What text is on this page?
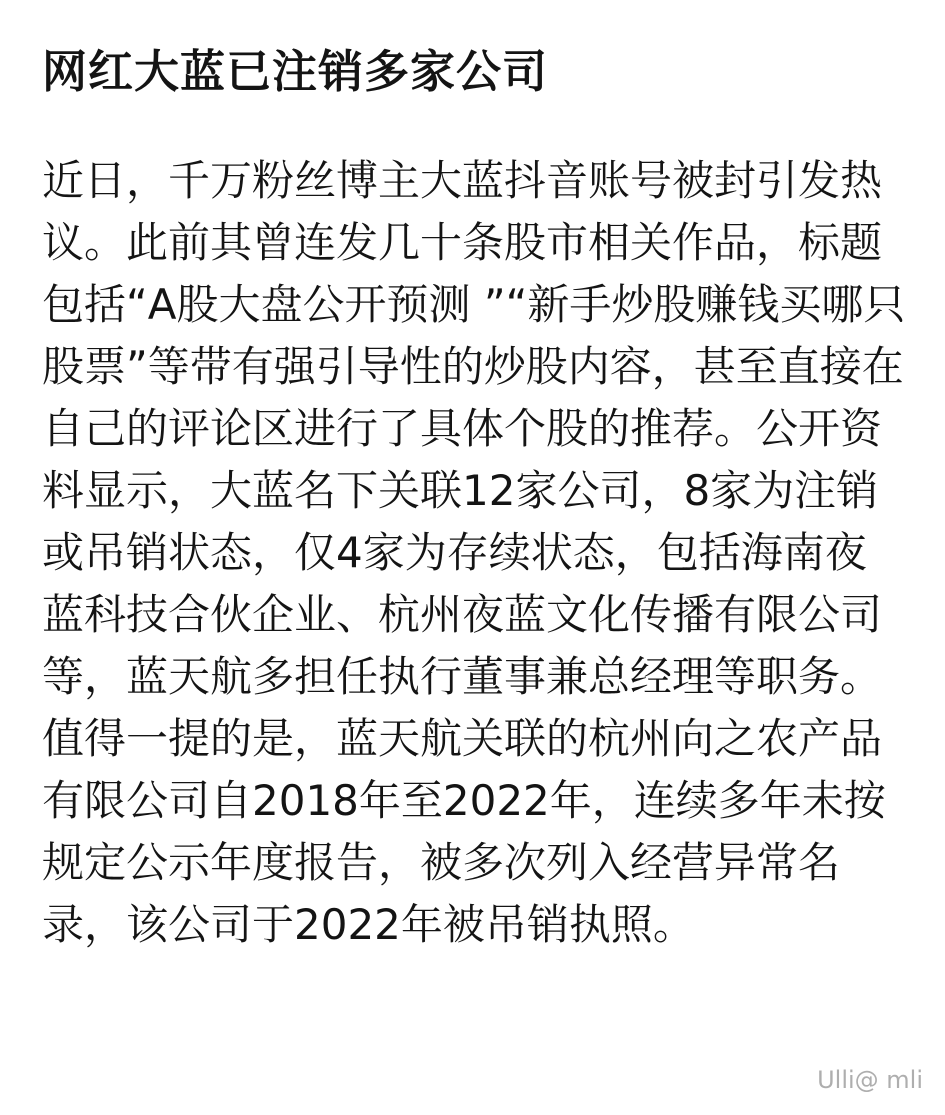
网红大蓝已注销多家公司
近日，千万粉丝博主大蓝抖音账号被封引发热
议。此前其曾连发几十条股市相关作品，标题
包括“A股大盘公开预测 ”“新手炒股赚钱买哪只
股票”等带有强引导性的炒股内容，甚至直接在
自己的评论区进行了具体个股的推荐。公开资
料显示，大蓝名下关联12家公司，8家为注销
或吊销状态，仅4家为存续状态，包括海南夜
蓝科技合伙企业、杭州夜蓝文化传播有限公司
等，蓝天航多担任执行董事兼总经理等职务。
值得一提的是，蓝天航关联的杭州向之农产品
有限公司自2018年至2022年，连续多年未按
规定公示年度报告，被多次列入经营异常名
录，该公司于2022年被吊销执照。
Ulli@ mli
